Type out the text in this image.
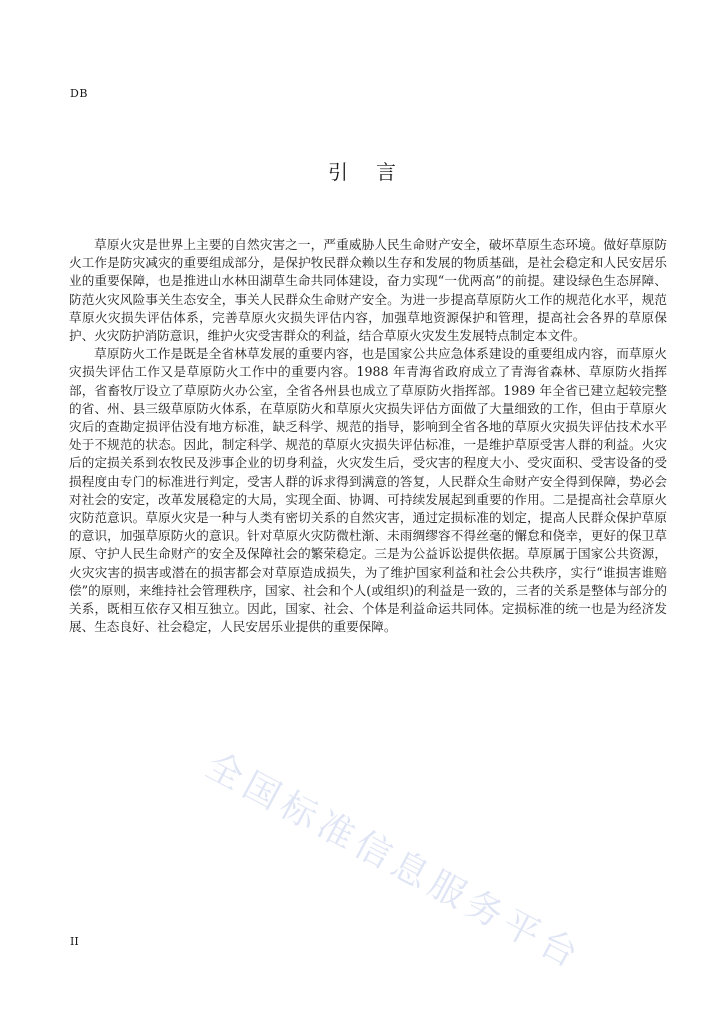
DB
引言

草原火灾是世界上主要的自然灾害之一，严重威胁人民生命财产安全，破坏草原生态环境。做好草原防火工作是防灾减灾的重要组成部分，是保护牧民群众赖以生存和发展的物质基础，是社会稳定和人民安居乐业的重要保障，也是推进山水林田湖草生命共同体建设，奋力实现“一优两高”的前提。建设绿色生态屏障、防范火灾风险事关生态安全，事关人民群众生命财产安全。为进一步提高草原防火工作的规范化水平，规范草原火灾损失评估体系，完善草原火灾损失评估内容，加强草地资源保护和管理，提高社会各界的草原保护、火灾防护消防意识，维护火灾受害群众的利益，结合草原火灾发生发展特点制定本文件。

草原防火工作是既是全省林草发展的重要内容，也是国家公共应急体系建设的重要组成内容，而草原火灾损失评估工作又是草原防火工作中的重要内容。1988 年青海省政府成立了青海省森林、草原防火指挥部，省畜牧厅设立了草原防火办公室，全省各州县也成立了草原防火指挥部。1989 年全省已建立起较完整的省、州、县三级草原防火体系，在草原防火和草原火灾损失评估方面做了大量细致的工作，但由于草原火灾后的查勘定损评估没有地方标准，缺乏科学、规范的指导，影响到全省各地的草原火灾损失评估技术水平处于不规范的状态。因此，制定科学、规范的草原火灾损失评估标准，一是维护草原受害人群的利益。火灾后的定损关系到农牧民及涉事企业的切身利益，火灾发生后，受灾害的程度大小、受灾面积、受害设备的受损程度由专门的标准进行判定，受害人群的诉求得到满意的答复，人民群众生命财产安全得到保障，势必会对社会的安定，改革发展稳定的大局，实现全面、协调、可持续发展起到重要的作用。二是提高社会草原火灾防范意识。草原火灾是一种与人类有密切关系的自然灾害，通过定损标准的划定，提高人民群众保护草原的意识，加强草原防火的意识。针对草原火灾防微杜渐、未雨绸缪容不得丝毫的懈怠和侥幸，更好的保卫草原、守护人民生命财产的安全及保障社会的繁荣稳定。三是为公益诉讼提供依据。草原属于国家公共资源，火灾灾害的损害或潜在的损害都会对草原造成损失，为了维护国家利益和社会公共秩序，实行“谁损害谁赔偿”的原则，来维持社会管理秩序，国家、社会和个人(或组织)的利益是一致的，三者的关系是整体与部分的关系，既相互依存又相互独立。因此，国家、社会、个体是利益命运共同体。定损标准的统一也是为经济发展、生态良好、社会稳定，人民安居乐业提供的重要保障。

全国标准信息服务平台
II
